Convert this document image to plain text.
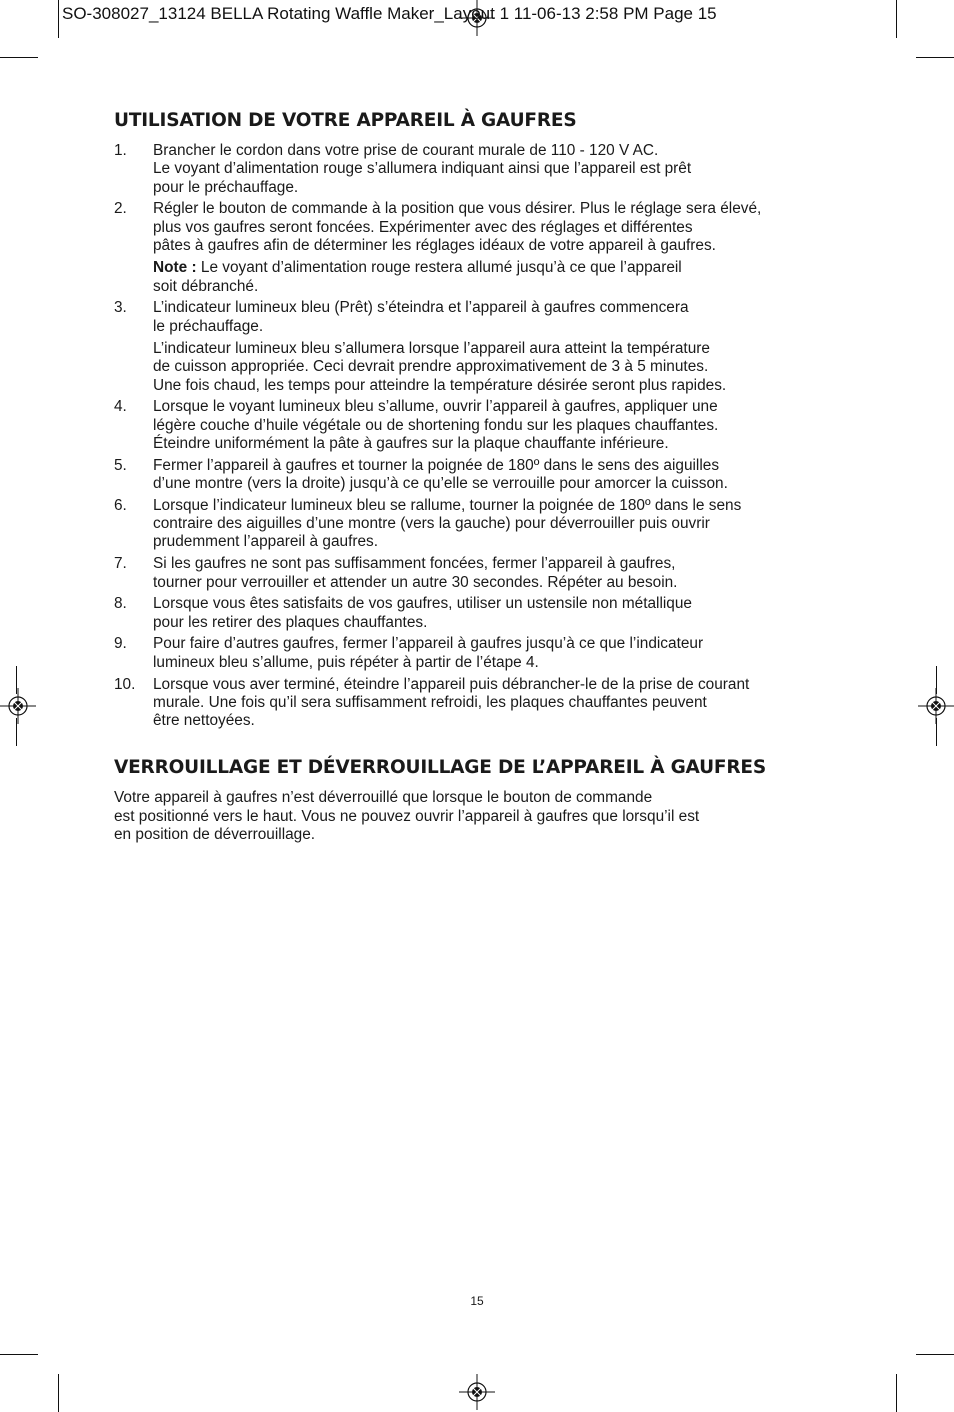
SO-308027_13124 BELLA Rotating Waffle Maker_Layout 1 11-06-13 2:58 PM Page 15
UTILISATION DE VOTRE APPAREIL À GAUFRES
1. Brancher le cordon dans votre prise de courant murale de 110 - 120 V AC.
Le voyant d’alimentation rouge s’allumera indiquant ainsi que l’appareil est prêt
pour le préchauffage.
2. Régler le bouton de commande à la position que vous désirer. Plus le réglage sera élevé,
plus vos gaufres seront foncées. Expérimenter avec des réglages et différentes
pâtes à gaufres afin de déterminer les réglages idéaux de votre appareil à gaufres.
Note : Le voyant d’alimentation rouge restera allumé jusqu’à ce que l’appareil
soit débranché.
3. L’indicateur lumineux bleu (Prêt) s’éteindra et l’appareil à gaufres commencera
le préchauffage.
L’indicateur lumineux bleu s’allumera lorsque l’appareil aura atteint la température
de cuisson appropriée. Ceci devrait prendre approximativement de 3 à 5 minutes.
Une fois chaud, les temps pour atteindre la température désirée seront plus rapides.
4. Lorsque le voyant lumineux bleu s’allume, ouvrir l’appareil à gaufres, appliquer une
légère couche d’huile végétale ou de shortening fondu sur les plaques chauffantes.
Éteindre uniformément la pâte à gaufres sur la plaque chauffante inférieure.
5. Fermer l’appareil à gaufres et tourner la poignée de 180º dans le sens des aiguilles
d’une montre (vers la droite) jusqu’à ce qu’elle se verrouille pour amorcer la cuisson.
6. Lorsque l’indicateur lumineux bleu se rallume, tourner la poignée de 180º dans le sens
contraire des aiguilles d’une montre (vers la gauche) pour déverrouiller puis ouvrir
prudemment l’appareil à gaufres.
7. Si les gaufres ne sont pas suffisamment foncées, fermer l’appareil à gaufres,
tourner pour verrouiller et attender un autre 30 secondes. Répéter au besoin.
8. Lorsque vous êtes satisfaits de vos gaufres, utiliser un ustensile non métallique
pour les retirer des plaques chauffantes.
9. Pour faire d’autres gaufres, fermer l’appareil à gaufres jusqu’à ce que l’indicateur
lumineux bleu s’allume, puis répéter à partir de l’étape 4.
10. Lorsque vous aver terminé, éteindre l’appareil puis débrancher-le de la prise de courant
murale. Une fois qu’il sera suffisamment refroidi, les plaques chauffantes peuvent
être nettoyées.
VERROUILLAGE ET DÉVERROUILLAGE DE L’APPAREIL À GAUFRES
Votre appareil à gaufres n’est déverrouillé que lorsque le bouton de commande
est positionné vers le haut. Vous ne pouvez ouvrir l’appareil à gaufres que lorsqu’il est
en position de déverrouillage.
15
